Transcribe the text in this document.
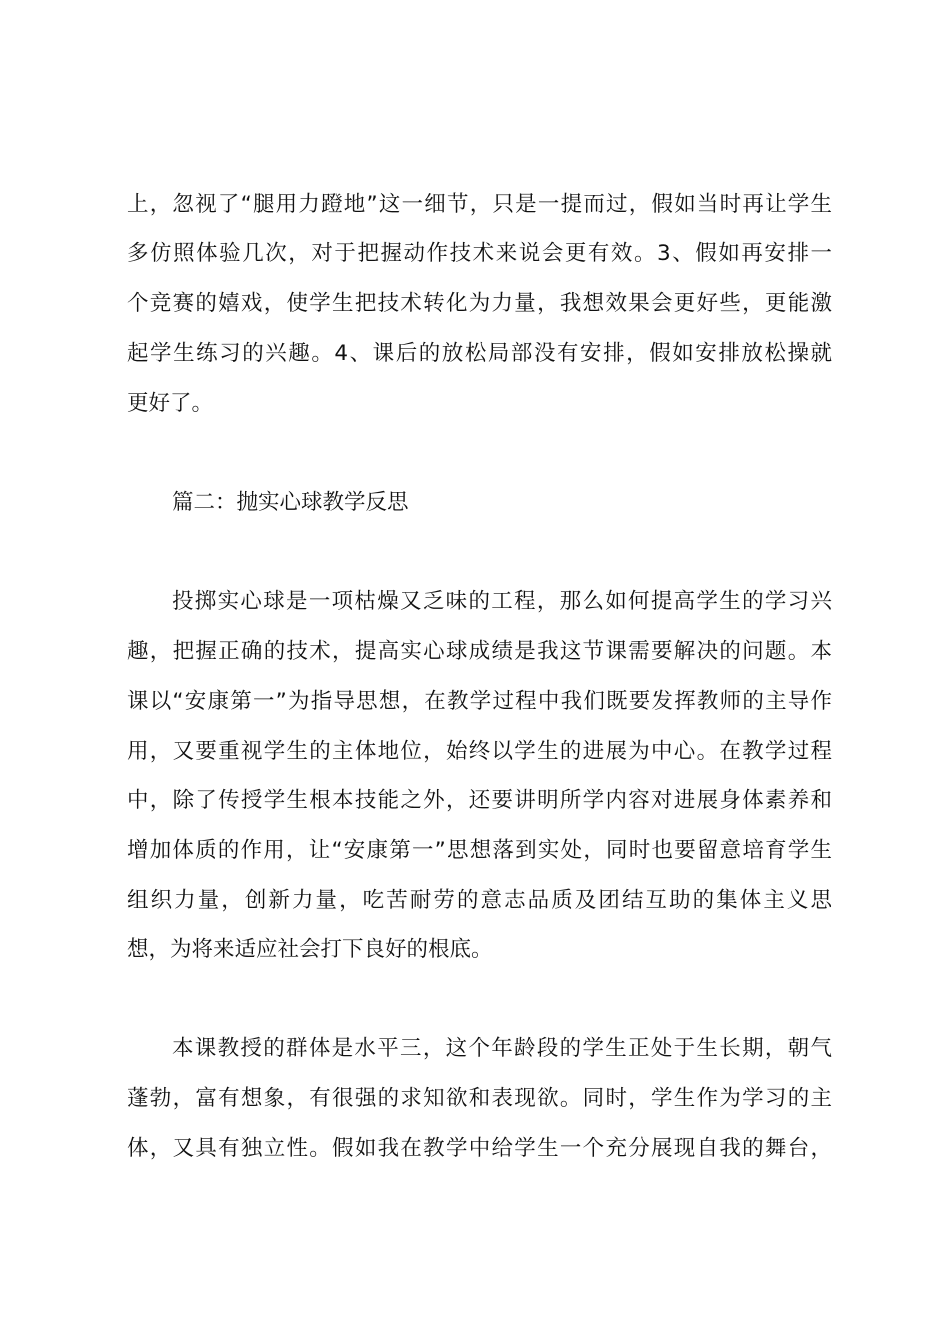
上，忽视了“腿用力蹬地”这一细节，只是一提而过，假如当时再让学生
多仿照体验几次，对于把握动作技术来说会更有效。3、假如再安排一
个竞赛的嬉戏，使学生把技术转化为力量，我想效果会更好些，更能激
起学生练习的兴趣。4、课后的放松局部没有安排，假如安排放松操就
更好了。
篇二：抛实心球教学反思
投掷实心球是一项枯燥又乏味的工程，那么如何提高学生的学习兴
趣，把握正确的技术，提高实心球成绩是我这节课需要解决的问题。本
课以“安康第一”为指导思想，在教学过程中我们既要发挥教师的主导作
用，又要重视学生的主体地位，始终以学生的进展为中心。在教学过程
中，除了传授学生根本技能之外，还要讲明所学内容对进展身体素养和
增加体质的作用，让“安康第一”思想落到实处，同时也要留意培育学生
组织力量，创新力量，吃苦耐劳的意志品质及团结互助的集体主义思
想，为将来适应社会打下良好的根底。
本课教授的群体是水平三，这个年龄段的学生正处于生长期，朝气
蓬勃，富有想象，有很强的求知欲和表现欲。同时，学生作为学习的主
体，又具有独立性。假如我在教学中给学生一个充分展现自我的舞台，
